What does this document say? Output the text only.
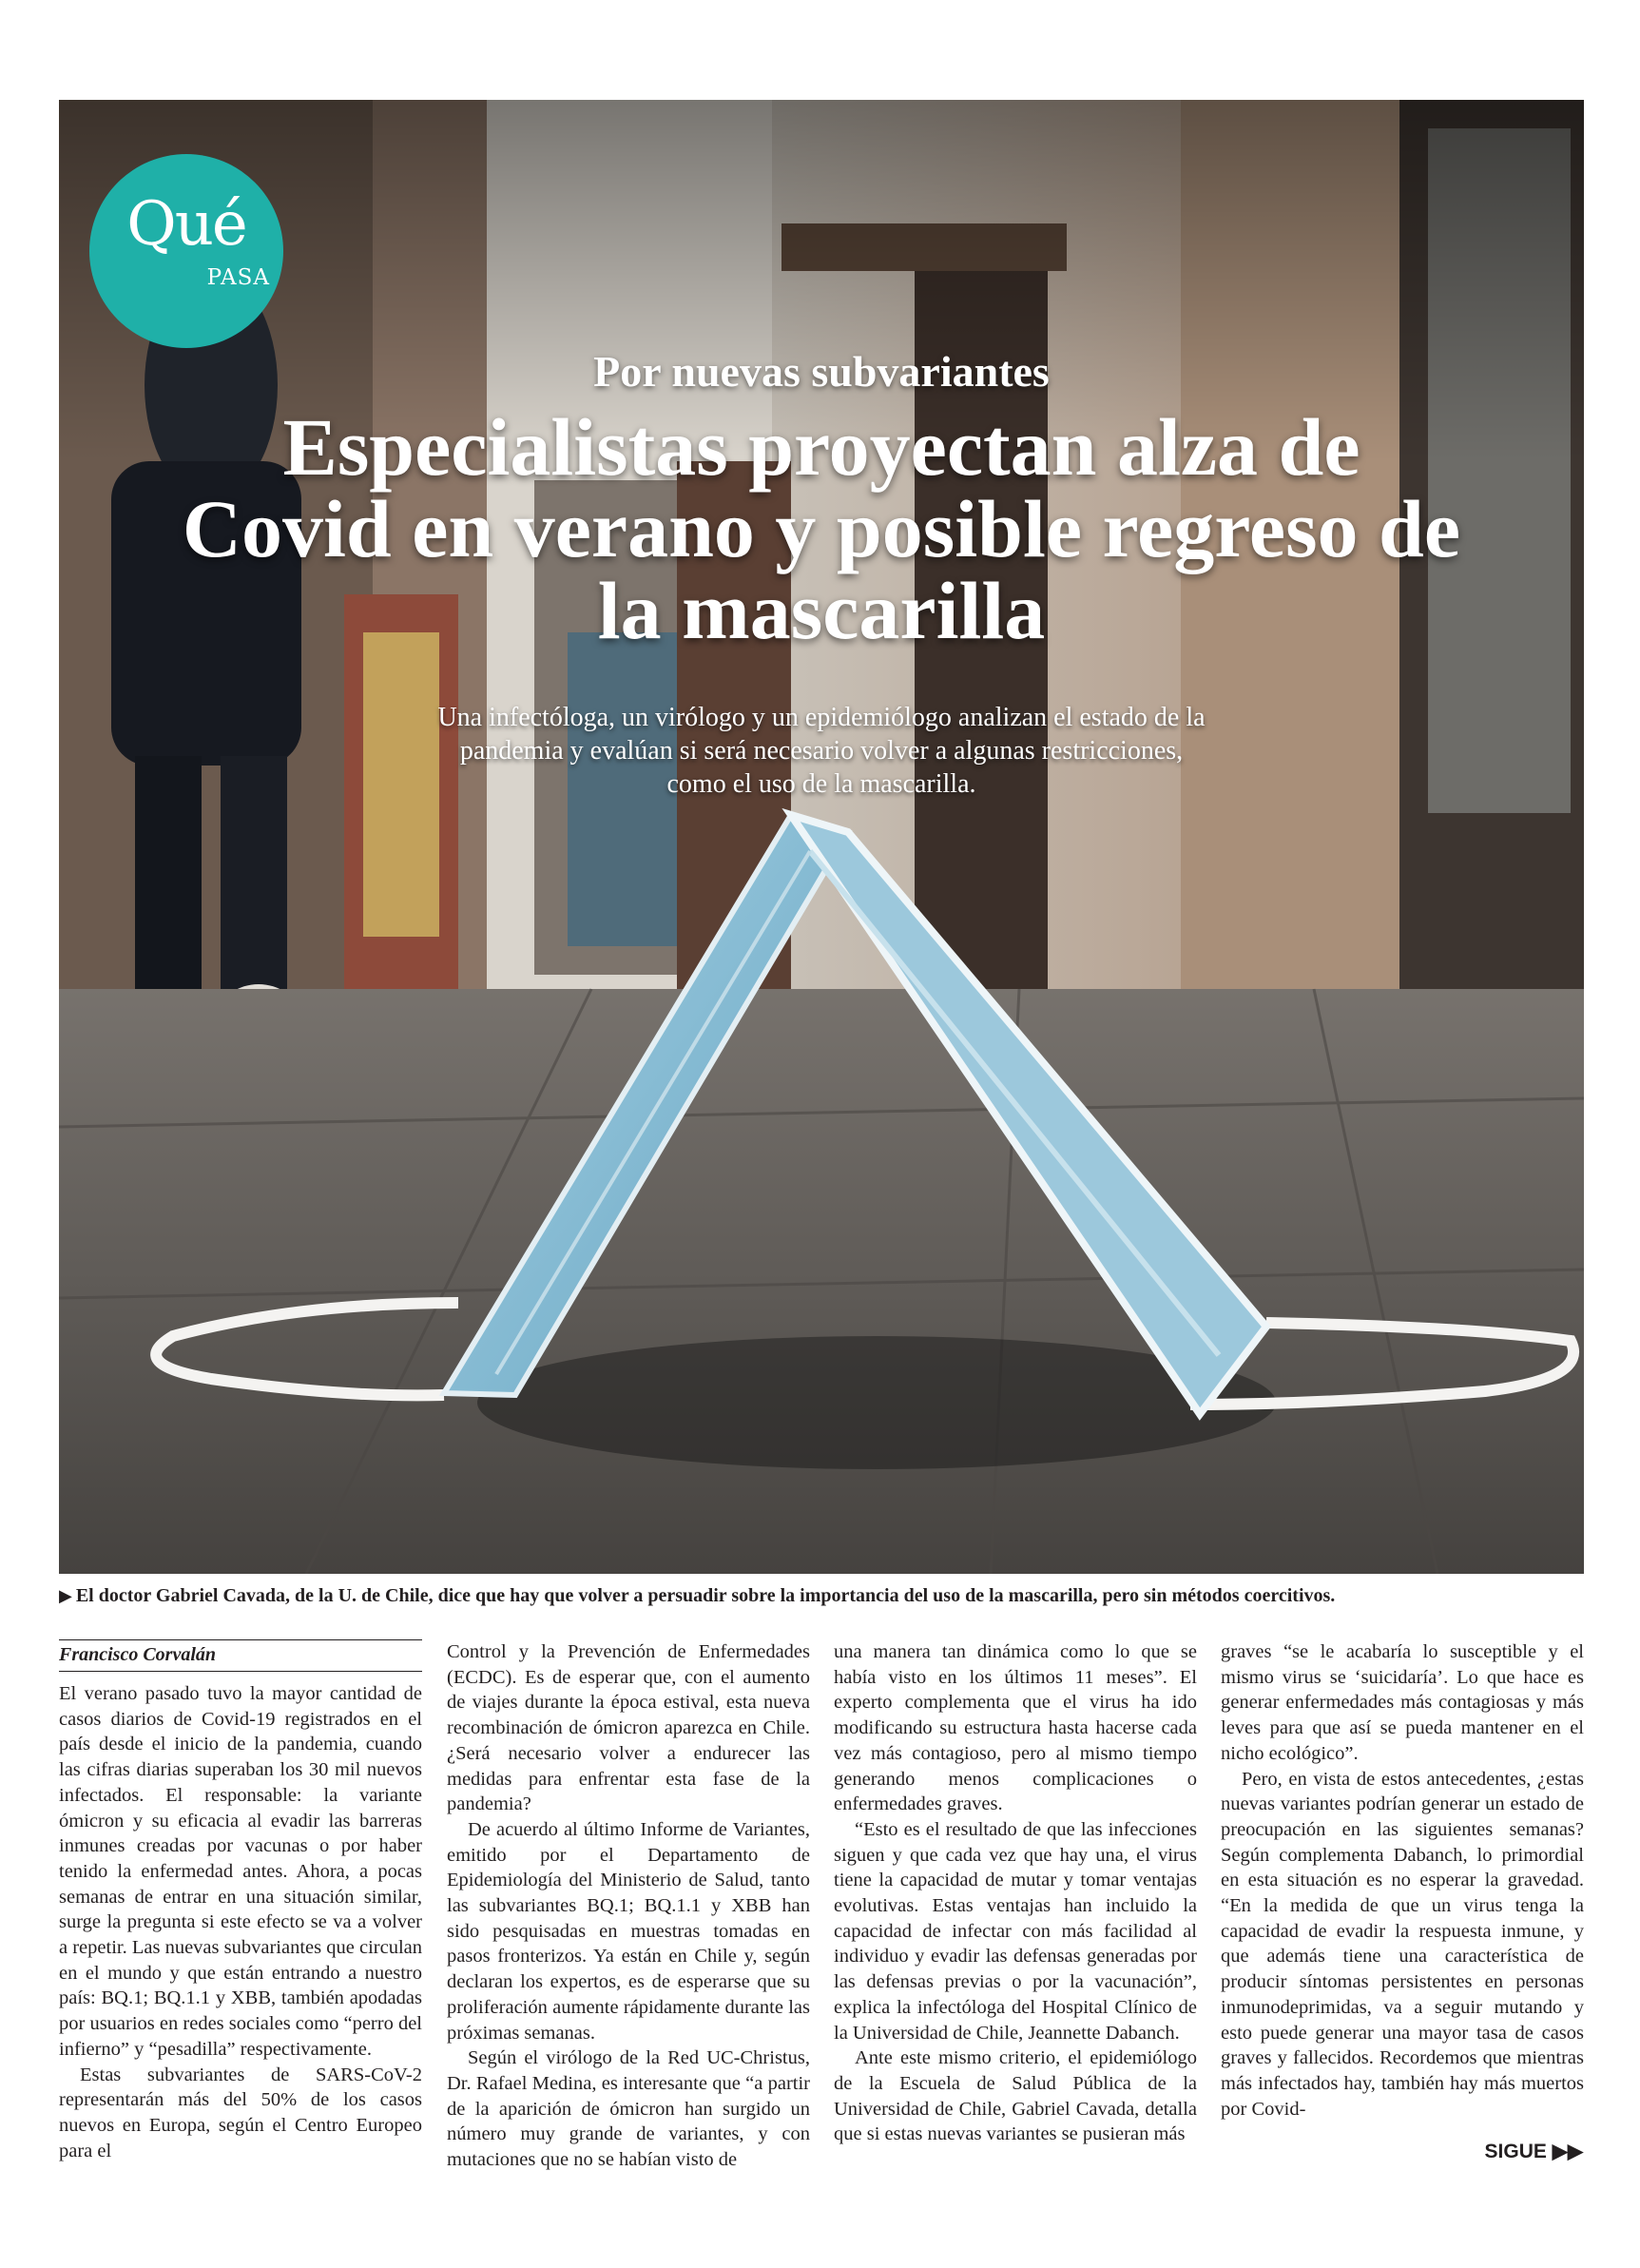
Qué
PASA
Por nuevas subvariantes
Especialistas proyectan alza de Covid en verano y posible regreso de la mascarilla
Una infectóloga, un virólogo y un epidemiólogo analizan el estado de la pandemia y evalúan si será necesario volver a algunas restricciones, como el uso de la mascarilla.
▶ El doctor Gabriel Cavada, de la U. de Chile, dice que hay que volver a persuadir sobre la importancia del uso de la mascarilla, pero sin métodos coercitivos.
Francisco Corvalán

El verano pasado tuvo la mayor cantidad de casos diarios de Covid-19 registrados en el país desde el inicio de la pandemia, cuando las cifras diarias superaban los 30 mil nuevos infectados. El responsable: la variante ómicron y su eficacia al evadir las barreras inmunes creadas por vacunas o por haber tenido la enfermedad antes. Ahora, a pocas semanas de entrar en una situación similar, surge la pregunta si este efecto se va a volver a repetir. Las nuevas subvariantes que circulan en el mundo y que están entrando a nuestro país: BQ.1; BQ.1.1 y XBB, también apodadas por usuarios en redes sociales como “perro del infierno” y “pesadilla” respectivamente.

Estas subvariantes de SARS-CoV-2 representarán más del 50% de los casos nuevos en Europa, según el Centro Europeo para el

Control y la Prevención de Enfermedades (ECDC). Es de esperar que, con el aumento de viajes durante la época estival, esta nueva recombinación de ómicron aparezca en Chile. ¿Será necesario volver a endurecer las medidas para enfrentar esta fase de la pandemia?

De acuerdo al último Informe de Variantes, emitido por el Departamento de Epidemiología del Ministerio de Salud, tanto las subvariantes BQ.1; BQ.1.1 y XBB han sido pesquisadas en muestras tomadas en pasos fronterizos. Ya están en Chile y, según declaran los expertos, es de esperarse que su proliferación aumente rápidamente durante las próximas semanas.

Según el virólogo de la Red UC-Christus, Dr. Rafael Medina, es interesante que “a partir de la aparición de ómicron han surgido un número muy grande de variantes, y con mutaciones que no se habían visto de

una manera tan dinámica como lo que se había visto en los últimos 11 meses”. El experto complementa que el virus ha ido modificando su estructura hasta hacerse cada vez más contagioso, pero al mismo tiempo generando menos complicaciones o enfermedades graves.

“Esto es el resultado de que las infecciones siguen y que cada vez que hay una, el virus tiene la capacidad de mutar y tomar ventajas evolutivas. Estas ventajas han incluido la capacidad de infectar con más facilidad al individuo y evadir las defensas generadas por las defensas previas o por la vacunación”, explica la infectóloga del Hospital Clínico de la Universidad de Chile, Jeannette Dabanch.

Ante este mismo criterio, el epidemiólogo de la Escuela de Salud Pública de la Universidad de Chile, Gabriel Cavada, detalla que si estas nuevas variantes se pusieran más

graves “se le acabaría lo susceptible y el mismo virus se ‘suicidaría’. Lo que hace es generar enfermedades más contagiosas y más leves para que así se pueda mantener en el nicho ecológico”.

Pero, en vista de estos antecedentes, ¿estas nuevas variantes podrían generar un estado de preocupación en las siguientes semanas? Según complementa Dabanch, lo primordial en esta situación es no esperar la gravedad. “En la medida de que un virus tenga la capacidad de evadir la respuesta inmune, y que además tiene una característica de producir síntomas persistentes en personas inmunodeprimidas, va a seguir mutando y esto puede generar una mayor tasa de casos graves y fallecidos. Recordemos que mientras más infectados hay, también hay más muertos por Covid-

SIGUE ▶▶
